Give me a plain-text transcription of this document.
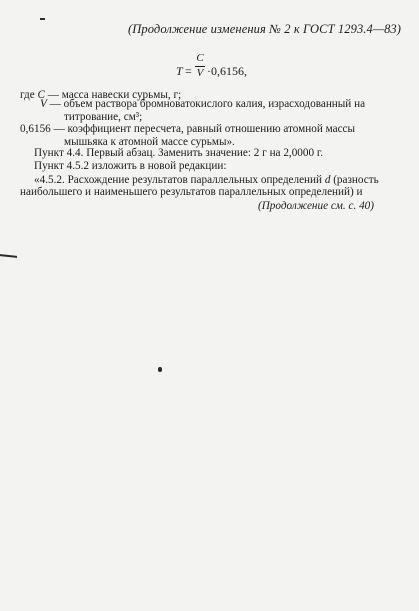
(Продолжение изменения № 2 к ГОСТ 1293.4—83)
T =
C
V ·0,6156,
где С — масса навески сурьмы, г;
V — объем раствора бромноватокислого калия, израсходованный на
титрование, см³;
0,6156 — коэффициент пересчета, равный отношению атомной массы
мышьяка к атомной массе сурьмы».
Пункт 4.4. Первый абзац. Заменить значение: 2 г на 2,0000 г.
Пункт 4.5.2 изложить в новой редакции:
«4.5.2. Расхождение результатов параллельных определений d (разность
наибольшего и наименьшего результатов параллельных определений) и
(Продолжение см. с. 40)
